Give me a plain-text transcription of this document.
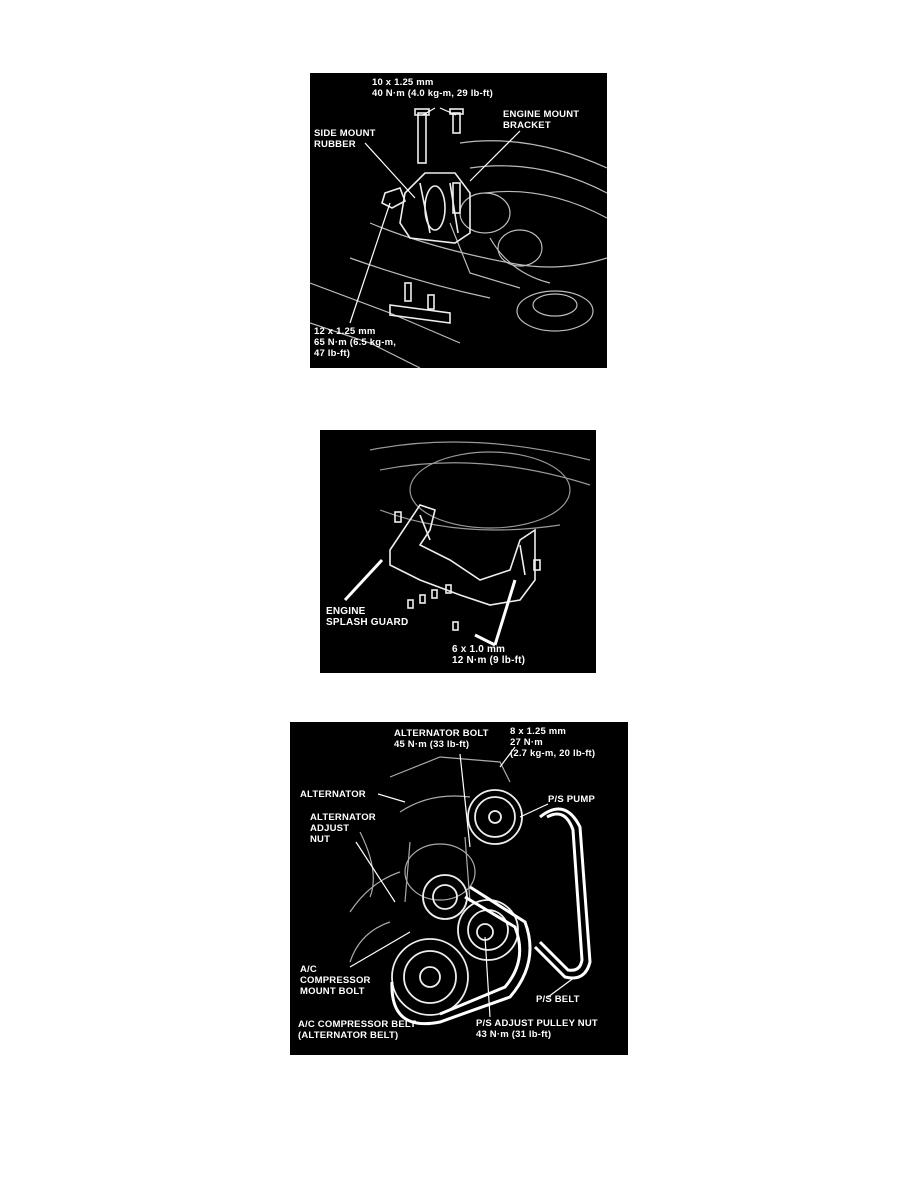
10 x 1.25 mm
40 N·m (4.0 kg-m, 29 lb-ft)
SIDE MOUNT
RUBBER
ENGINE MOUNT
BRACKET
12 x 1.25 mm
65 N·m (6.5 kg-m,
47 lb-ft)
ENGINE
SPLASH GUARD
6 x 1.0 mm
12 N·m (9 lb-ft)
ALTERNATOR BOLT
45 N·m (33 lb-ft)
8 x 1.25 mm
27 N·m
(2.7 kg-m, 20 lb-ft)
ALTERNATOR	P/S PUMP
ALTERNATOR
ADJUST
NUT
A/C
COMPRESSOR
MOUNT BOLT
P/S BELT
A/C COMPRESSOR BELT
(ALTERNATOR BELT)
P/S ADJUST PULLEY NUT
43 N·m (31 lb-ft)
